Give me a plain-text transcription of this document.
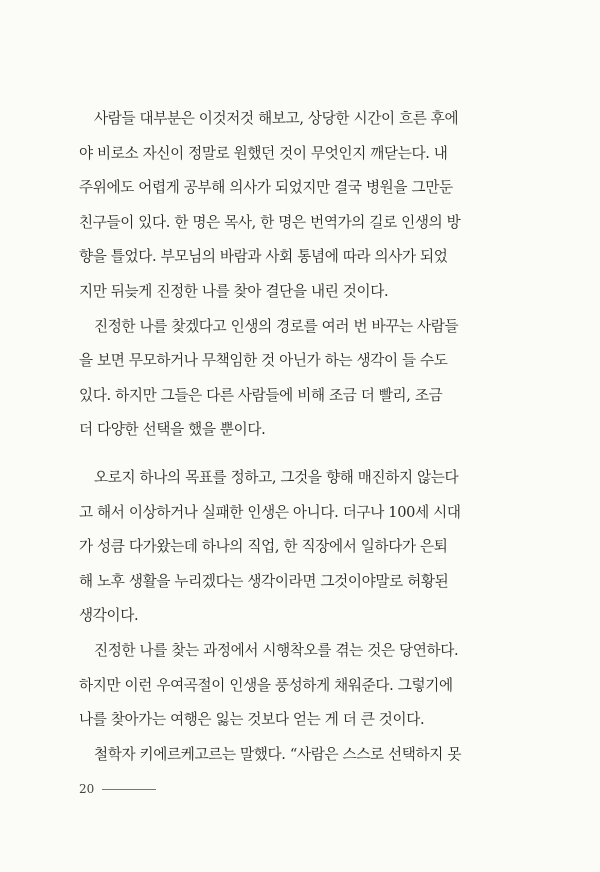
사람들 대부분은 이것저것 해보고, 상당한 시간이 흐른 후에
야 비로소 자신이 정말로 원했던 것이 무엇인지 깨닫는다. 내
주위에도 어렵게 공부해 의사가 되었지만 결국 병원을 그만둔
친구들이 있다. 한 명은 목사, 한 명은 번역가의 길로 인생의 방
향을 틀었다. 부모님의 바람과 사회 통념에 따라 의사가 되었
지만 뒤늦게 진정한 나를 찾아 결단을 내린 것이다.
진정한 나를 찾겠다고 인생의 경로를 여러 번 바꾸는 사람들
을 보면 무모하거나 무책임한 것 아닌가 하는 생각이 들 수도
있다. 하지만 그들은 다른 사람들에 비해 조금 더 빨리, 조금
더 다양한 선택을 했을 뿐이다.
오로지 하나의 목표를 정하고, 그것을 향해 매진하지 않는다
고 해서 이상하거나 실패한 인생은 아니다. 더구나 100세 시대
가 성큼 다가왔는데 하나의 직업, 한 직장에서 일하다가 은퇴
해 노후 생활을 누리겠다는 생각이라면 그것이야말로 허황된
생각이다.
진정한 나를 찾는 과정에서 시행착오를 겪는 것은 당연하다.
하지만 이런 우여곡절이 인생을 풍성하게 채워준다. 그렇기에
나를 찾아가는 여행은 잃는 것보다 얻는 게 더 큰 것이다.
철학자 키에르케고르는 말했다. “사람은 스스로 선택하지 못
20
